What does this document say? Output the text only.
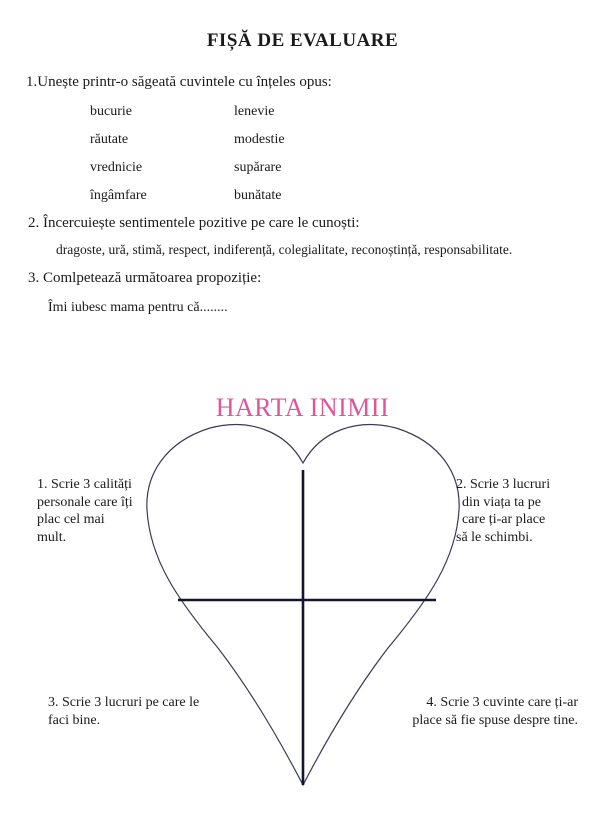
FIȘĂ DE EVALUARE
1.Unește printr-o săgeată cuvintele cu înțeles opus:
bucurie
răutate
vrednicie
îngâmfare
lenevie
modestie
supărare
bunătate
2. Încercuiește sentimentele pozitive pe care le cunoști:
dragoste, ură, stimă, respect, indiferență, colegialitate, reconoștință, responsabilitate.
3. Comlpetează următoarea propoziție:
Îmi iubesc mama pentru că........
HARTA INIMII
1. Scrie 3 calități
personale care îți
plac cel mai
mult.
2. Scrie 3 lucruri
din viața ta pe
care ți-ar place
să le schimbi.
3. Scrie 3 lucruri pe care le
faci bine.
4. Scrie 3 cuvinte care ți-ar
place să fie spuse despre tine.
